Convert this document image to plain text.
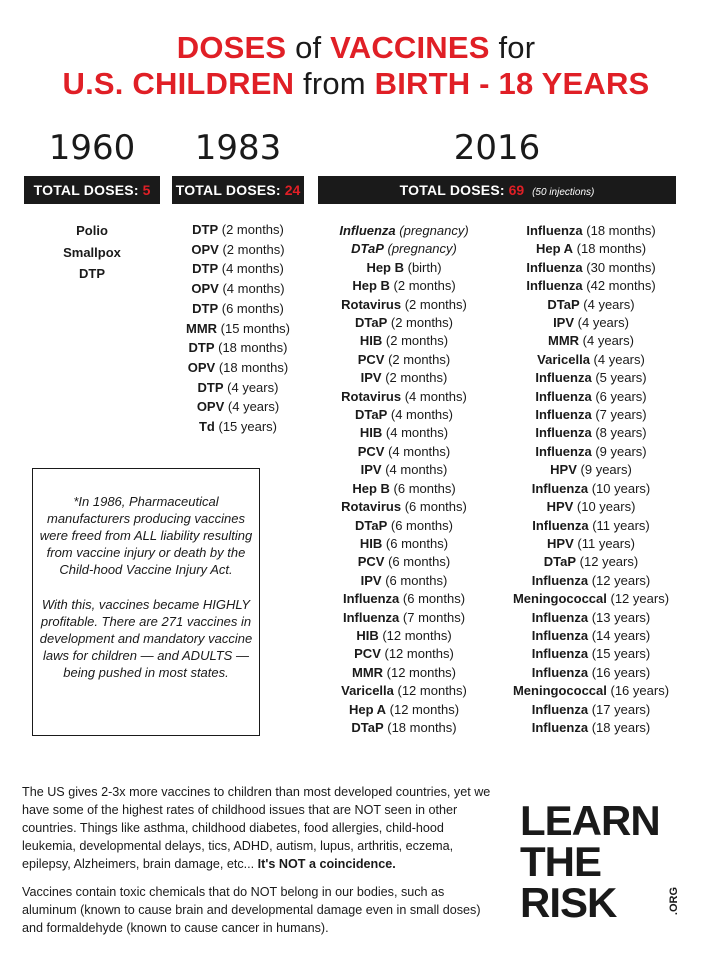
DOSES of VACCINES for
U.S. CHILDREN from BIRTH - 18 YEARS
1960	1983	2016
TOTAL DOSES: 5	TOTAL DOSES: 24	TOTAL DOSES: 69 (50 injections)
Polio
Smallpox
DTP
DTP (2 months)
OPV (2 months)
DTP (4 months)
OPV (4 months)
DTP (6 months)
MMR (15 months)
DTP (18 months)
OPV (18 months)
DTP (4 years)
OPV (4 years)
Td (15 years)
Influenza (pregnancy)
DTaP (pregnancy)
Hep B (birth)
Hep B (2 months)
Rotavirus (2 months)
DTaP (2 months)
HIB (2 months)
PCV (2 months)
IPV (2 months)
Rotavirus (4 months)
DTaP (4 months)
HIB (4 months)
PCV (4 months)
IPV (4 months)
Hep B (6 months)
Rotavirus (6 months)
DTaP (6 months)
HIB (6 months)
PCV (6 months)
IPV (6 months)
Influenza (6 months)
Influenza (7 months)
HIB (12 months)
PCV (12 months)
MMR (12 months)
Varicella (12 months)
Hep A (12 months)
DTaP (18 months)
Influenza (18 months)
Hep A (18 months)
Influenza (30 months)
Influenza (42 months)
DTaP (4 years)
IPV (4 years)
MMR (4 years)
Varicella (4 years)
Influenza (5 years)
Influenza (6 years)
Influenza (7 years)
Influenza (8 years)
Influenza (9 years)
HPV (9 years)
Influenza (10 years)
HPV (10 years)
Influenza (11 years)
HPV (11 years)
DTaP (12 years)
Influenza (12 years)
Meningococcal (12 years)
Influenza (13 years)
Influenza (14 years)
Influenza (15 years)
Influenza (16 years)
Meningococcal (16 years)
Influenza (17 years)
Influenza (18 years)

*In 1986, Pharmaceutical manufacturers producing vaccines were freed from ALL liability resulting from vaccine injury or death by the Child-hood Vaccine Injury Act.

With this, vaccines became HIGHLY profitable. There are 271 vaccines in development and mandatory vaccine laws for children — and ADULTS — being pushed in most states.

The US gives 2-3x more vaccines to children than most developed countries, yet we have some of the highest rates of childhood issues that are NOT seen in other countries. Things like asthma, childhood diabetes, food allergies, child-hood leukemia, developmental delays, tics, ADHD, autism, lupus, arthritis, eczema, epilepsy, Alzheimers, brain damage, etc... It's NOT a coincidence.

Vaccines contain toxic chemicals that do NOT belong in our bodies, such as aluminum (known to cause brain and developmental damage even in small doses) and formaldehyde (known to cause cancer in humans).

LEARN
THE
RISK	.ORG
